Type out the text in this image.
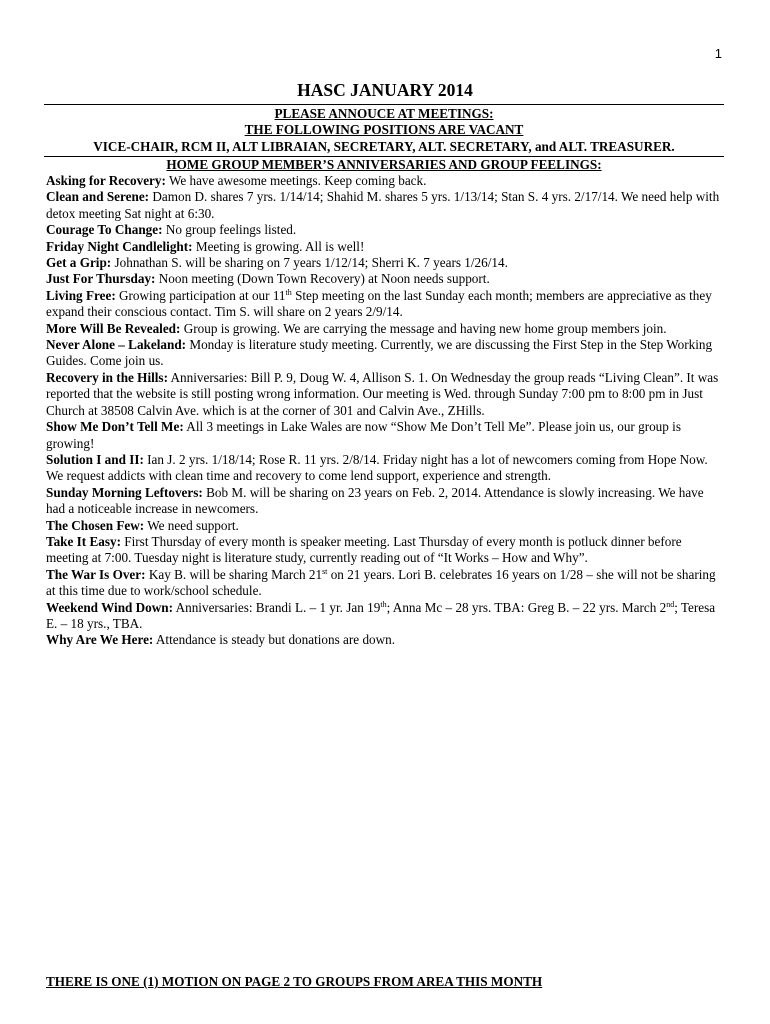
1
HASC JANUARY 2014
PLEASE ANNOUCE AT MEETINGS:
THE FOLLOWING POSITIONS ARE VACANT
VICE-CHAIR, RCM II, ALT LIBRAIAN, SECRETARY, ALT. SECRETARY, and ALT. TREASURER.
HOME GROUP MEMBER’S ANNIVERSARIES AND GROUP FEELINGS:

Asking for Recovery: We have awesome meetings. Keep coming back.

Clean and Serene: Damon D. shares 7 yrs. 1/14/14; Shahid M. shares 5 yrs. 1/13/14; Stan S. 4 yrs. 2/17/14. We need help with detox meeting Sat night at 6:30.

Courage To Change: No group feelings listed.

Friday Night Candlelight: Meeting is growing. All is well!

Get a Grip: Johnathan S. will be sharing on 7 years 1/12/14; Sherri K. 7 years 1/26/14.

Just For Thursday: Noon meeting (Down Town Recovery) at Noon needs support.

Living Free: Growing participation at our 11th Step meeting on the last Sunday each month; members are appreciative as they expand their conscious contact. Tim S. will share on 2 years 2/9/14.

More Will Be Revealed: Group is growing. We are carrying the message and having new home group members join.

Never Alone – Lakeland: Monday is literature study meeting. Currently, we are discussing the First Step in the Step Working Guides. Come join us.

Recovery in the Hills: Anniversaries: Bill P. 9, Doug W. 4, Allison S. 1. On Wednesday the group reads “Living Clean”. It was reported that the website is still posting wrong information. Our meeting is Wed. through Sunday 7:00 pm to 8:00 pm in Just Church at 38508 Calvin Ave. which is at the corner of 301 and Calvin Ave., ZHills.

Show Me Don’t Tell Me: All 3 meetings in Lake Wales are now “Show Me Don’t Tell Me”. Please join us, our group is growing!

Solution I and II: Ian J. 2 yrs. 1/18/14; Rose R. 11 yrs. 2/8/14. Friday night has a lot of newcomers coming from Hope Now. We request addicts with clean time and recovery to come lend support, experience and strength.

Sunday Morning Leftovers: Bob M. will be sharing on 23 years on Feb. 2, 2014. Attendance is slowly increasing. We have had a noticeable increase in newcomers.

The Chosen Few: We need support.

Take It Easy: First Thursday of every month is speaker meeting. Last Thursday of every month is potluck dinner before meeting at 7:00. Tuesday night is literature study, currently reading out of “It Works – How and Why”.

The War Is Over: Kay B. will be sharing March 21st on 21 years. Lori B. celebrates 16 years on 1/28 – she will not be sharing at this time due to work/school schedule.

Weekend Wind Down: Anniversaries: Brandi L. – 1 yr. Jan 19th; Anna Mc – 28 yrs. TBA: Greg B. – 22 yrs. March 2nd; Teresa E. – 18 yrs., TBA.

Why Are We Here: Attendance is steady but donations are down.

THERE IS ONE (1) MOTION ON PAGE 2 TO GROUPS FROM AREA THIS MONTH
